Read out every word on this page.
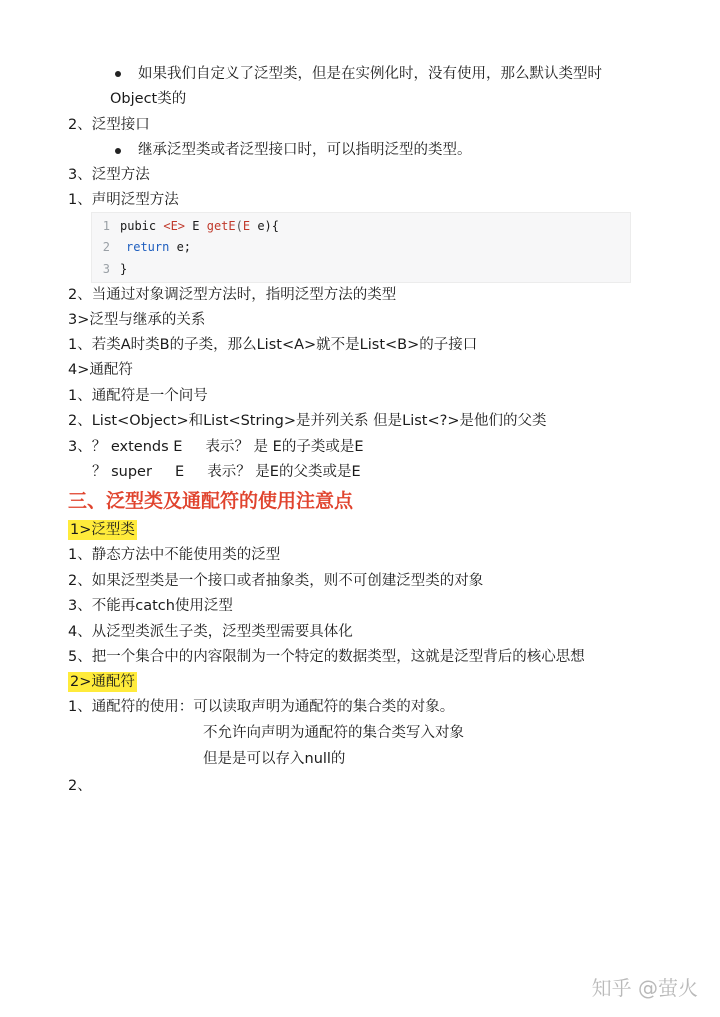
如果我们自定义了泛型类，但是在实例化时，没有使用，那么默认类型时
Object类的
2、泛型接口
继承泛型类或者泛型接口时，可以指明泛型的类型。
3、泛型方法
1、声明泛型方法
1 pubic <E> E getE(E e){
2 return e;
3 }
2、当通过对象调泛型方法时，指明泛型方法的类型
3>泛型与继承的关系
1、若类A时类B的子类，那么List<A>就不是List<B>的子接口
4>通配符
1、通配符是一个问号
2、List<Object>和List<String>是并列关系 但是List<?>是他们的父类
3、？ extends E     表示？ 是 E的子类或是E
？ super     E     表示？ 是E的父类或是E
三、泛型类及通配符的使用注意点
1>泛型类
1、静态方法中不能使用类的泛型
2、如果泛型类是一个接口或者抽象类，则不可创建泛型类的对象
3、不能再catch使用泛型
4、从泛型类派生子类，泛型类型需要具体化
5、把一个集合中的内容限制为一个特定的数据类型，这就是泛型背后的核心思想
2>通配符
1、通配符的使用：可以读取声明为通配符的集合类的对象。
不允许向声明为通配符的集合类写入对象
但是是可以存入null的
2、
知乎 @萤火
